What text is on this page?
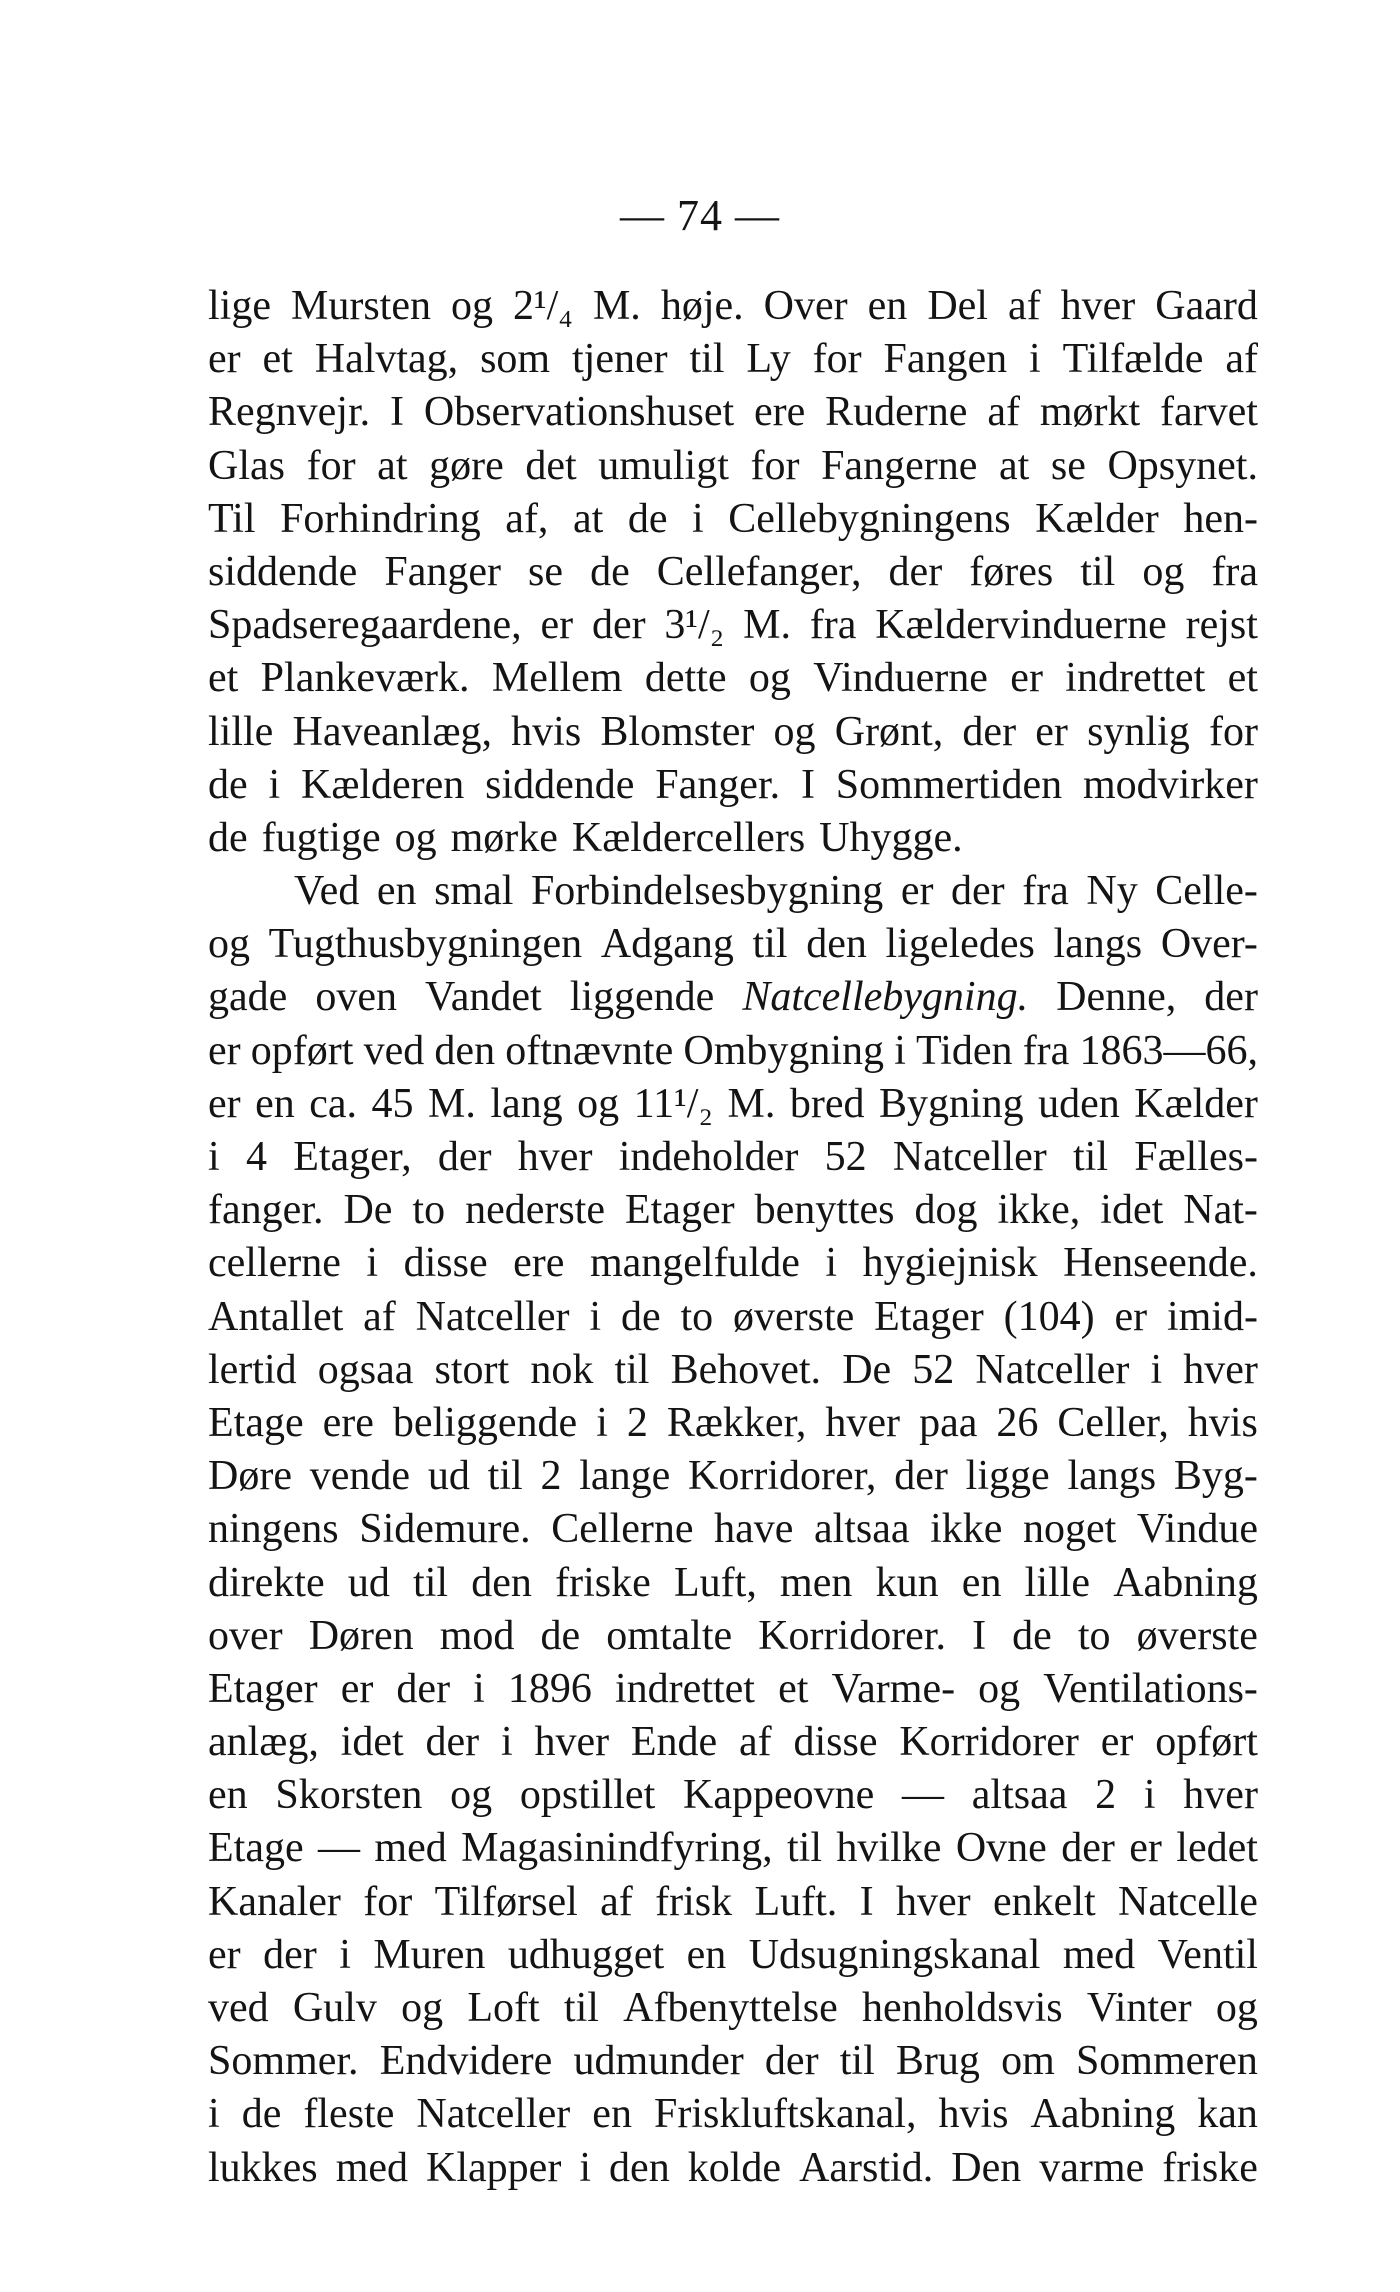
— 74 —
lige Mursten og 2¹/₄ M. høje. Over en Del af hver Gaard
er et Halvtag, som tjener til Ly for Fangen i Tilfælde af
Regnvejr. I Observationshuset ere Ruderne af mørkt farvet
Glas for at gøre det umuligt for Fangerne at se Opsynet.
Til Forhindring af, at de i Cellebygningens Kælder hen-
siddende Fanger se de Cellefanger, der føres til og fra
Spadseregaardene, er der 3¹/₂ M. fra Kældervinduerne rejst
et Plankeværk. Mellem dette og Vinduerne er indrettet et
lille Haveanlæg, hvis Blomster og Grønt, der er synlig for
de i Kælderen siddende Fanger. I Sommertiden modvirker
de fugtige og mørke Kældercellers Uhygge.
Ved en smal Forbindelsesbygning er der fra Ny Celle-
og Tugthusbygningen Adgang til den ligeledes langs Over-
gade oven Vandet liggende Natcellebygning. Denne, der
er opført ved den oftnævnte Ombygning i Tiden fra 1863—66,
er en ca. 45 M. lang og 11¹/₂ M. bred Bygning uden Kælder
i 4 Etager, der hver indeholder 52 Natceller til Fælles-
fanger. De to nederste Etager benyttes dog ikke, idet Nat-
cellerne i disse ere mangelfulde i hygiejnisk Henseende.
Antallet af Natceller i de to øverste Etager (104) er imid-
lertid ogsaa stort nok til Behovet. De 52 Natceller i hver
Etage ere beliggende i 2 Rækker, hver paa 26 Celler, hvis
Døre vende ud til 2 lange Korridorer, der ligge langs Byg-
ningens Sidemure. Cellerne have altsaa ikke noget Vindue
direkte ud til den friske Luft, men kun en lille Aabning
over Døren mod de omtalte Korridorer. I de to øverste
Etager er der i 1896 indrettet et Varme- og Ventilations-
anlæg, idet der i hver Ende af disse Korridorer er opført
en Skorsten og opstillet Kappeovne — altsaa 2 i hver
Etage — med Magasinindfyring, til hvilke Ovne der er ledet
Kanaler for Tilførsel af frisk Luft. I hver enkelt Natcelle
er der i Muren udhugget en Udsugningskanal med Ventil
ved Gulv og Loft til Afbenyttelse henholdsvis Vinter og
Sommer. Endvidere udmunder der til Brug om Sommeren
i de fleste Natceller en Friskluftskanal, hvis Aabning kan
lukkes med Klapper i den kolde Aarstid. Den varme friske
